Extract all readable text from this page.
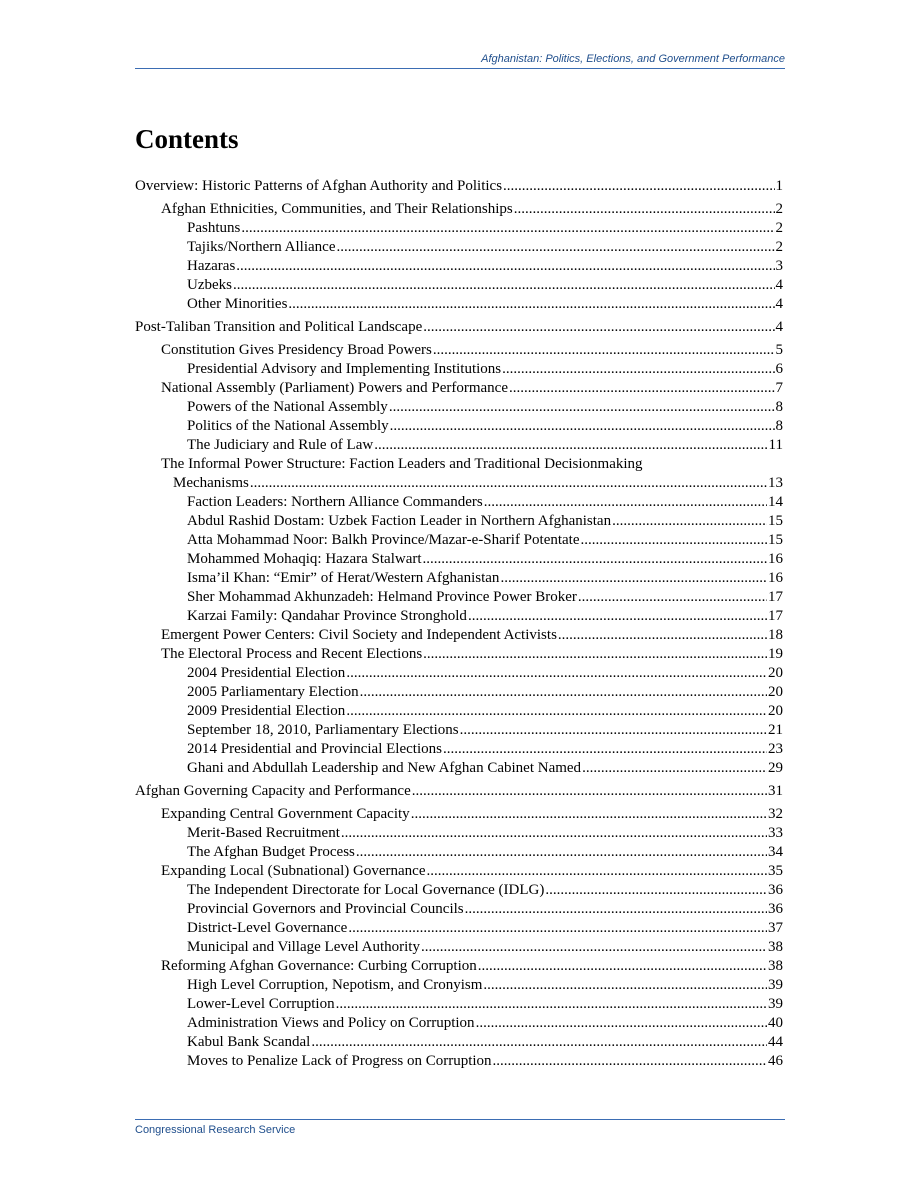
Afghanistan: Politics, Elections, and Government Performance
Contents
Overview: Historic Patterns of Afghan Authority and Politics .....	1
Afghan Ethnicities, Communities, and Their Relationships .....	2
Pashtuns .....	2
Tajiks/Northern Alliance .....	2
Hazaras .....	3
Uzbeks .....	4
Other Minorities .....	4
Post-Taliban Transition and Political Landscape .....	4
Constitution Gives Presidency Broad Powers .....	5
Presidential Advisory and Implementing Institutions .....	6
National Assembly (Parliament) Powers and Performance .....	7
Powers of the National Assembly .....	8
Politics of the National Assembly .....	8
The Judiciary and Rule of Law .....	11
The Informal Power Structure: Faction Leaders and Traditional Decisionmaking
Mechanisms .....	13
Faction Leaders: Northern Alliance Commanders .....	14
Abdul Rashid Dostam: Uzbek Faction Leader in Northern Afghanistan .....	15
Atta Mohammad Noor: Balkh Province/Mazar-e-Sharif Potentate .....	15
Mohammed Mohaqiq: Hazara Stalwart .....	16
Isma’il Khan: “Emir” of Herat/Western Afghanistan .....	16
Sher Mohammad Akhunzadeh: Helmand Province Power Broker .....	17
Karzai Family: Qandahar Province Stronghold .....	17
Emergent Power Centers: Civil Society and Independent Activists .....	18
The Electoral Process and Recent Elections .....	19
2004 Presidential Election .....	20
2005 Parliamentary Election .....	20
2009 Presidential Election .....	20
September 18, 2010, Parliamentary Elections .....	21
2014 Presidential and Provincial Elections .....	23
Ghani and Abdullah Leadership and New Afghan Cabinet Named .....	29
Afghan Governing Capacity and Performance .....	31
Expanding Central Government Capacity .....	32
Merit-Based Recruitment .....	33
The Afghan Budget Process .....	34
Expanding Local (Subnational) Governance .....	35
The Independent Directorate for Local Governance (IDLG) .....	36
Provincial Governors and Provincial Councils .....	36
District-Level Governance .....	37
Municipal and Village Level Authority .....	38
Reforming Afghan Governance: Curbing Corruption .....	38
High Level Corruption, Nepotism, and Cronyism .....	39
Lower-Level Corruption .....	39
Administration Views and Policy on Corruption .....	40
Kabul Bank Scandal .....	44
Moves to Penalize Lack of Progress on Corruption .....	46
Congressional Research Service
